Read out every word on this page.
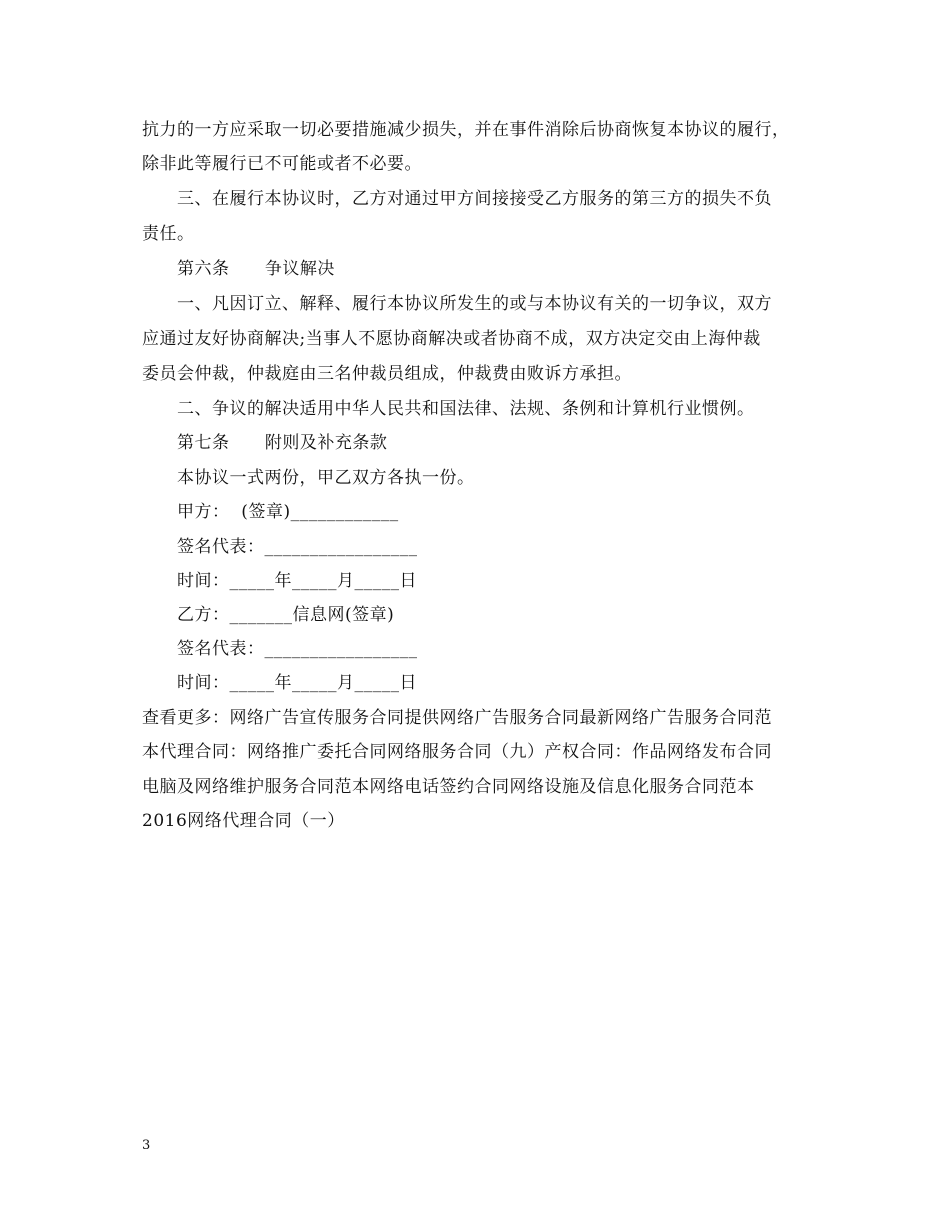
抗力的一方应采取一切必要措施减少损失，并在事件消除后协商恢复本协议的履行，
除非此等履行已不可能或者不必要。
三、在履行本协议时，乙方对通过甲方间接接受乙方服务的第三方的损失不负
责任。
第六条      争议解决
一、凡因订立、解释、履行本协议所发生的或与本协议有关的一切争议，双方
应通过友好协商解决;当事人不愿协商解决或者协商不成，双方决定交由上海仲裁
委员会仲裁，仲裁庭由三名仲裁员组成，仲裁费由败诉方承担。
二、争议的解决适用中华人民共和国法律、法规、条例和计算机行业惯例。
第七条      附则及补充条款
本协议一式两份，甲乙双方各执一份。
甲方：  (签章)____________
签名代表：_________________
时间：_____年_____月_____日
乙方：_______信息网(签章)
签名代表：_________________
时间：_____年_____月_____日
查看更多：网络广告宣传服务合同提供网络广告服务合同最新网络广告服务合同范
本代理合同：网络推广委托合同网络服务合同（九）产权合同：作品网络发布合同
电脑及网络维护服务合同范本网络电话签约合同网络设施及信息化服务合同范本
2016网络代理合同（一）
3
